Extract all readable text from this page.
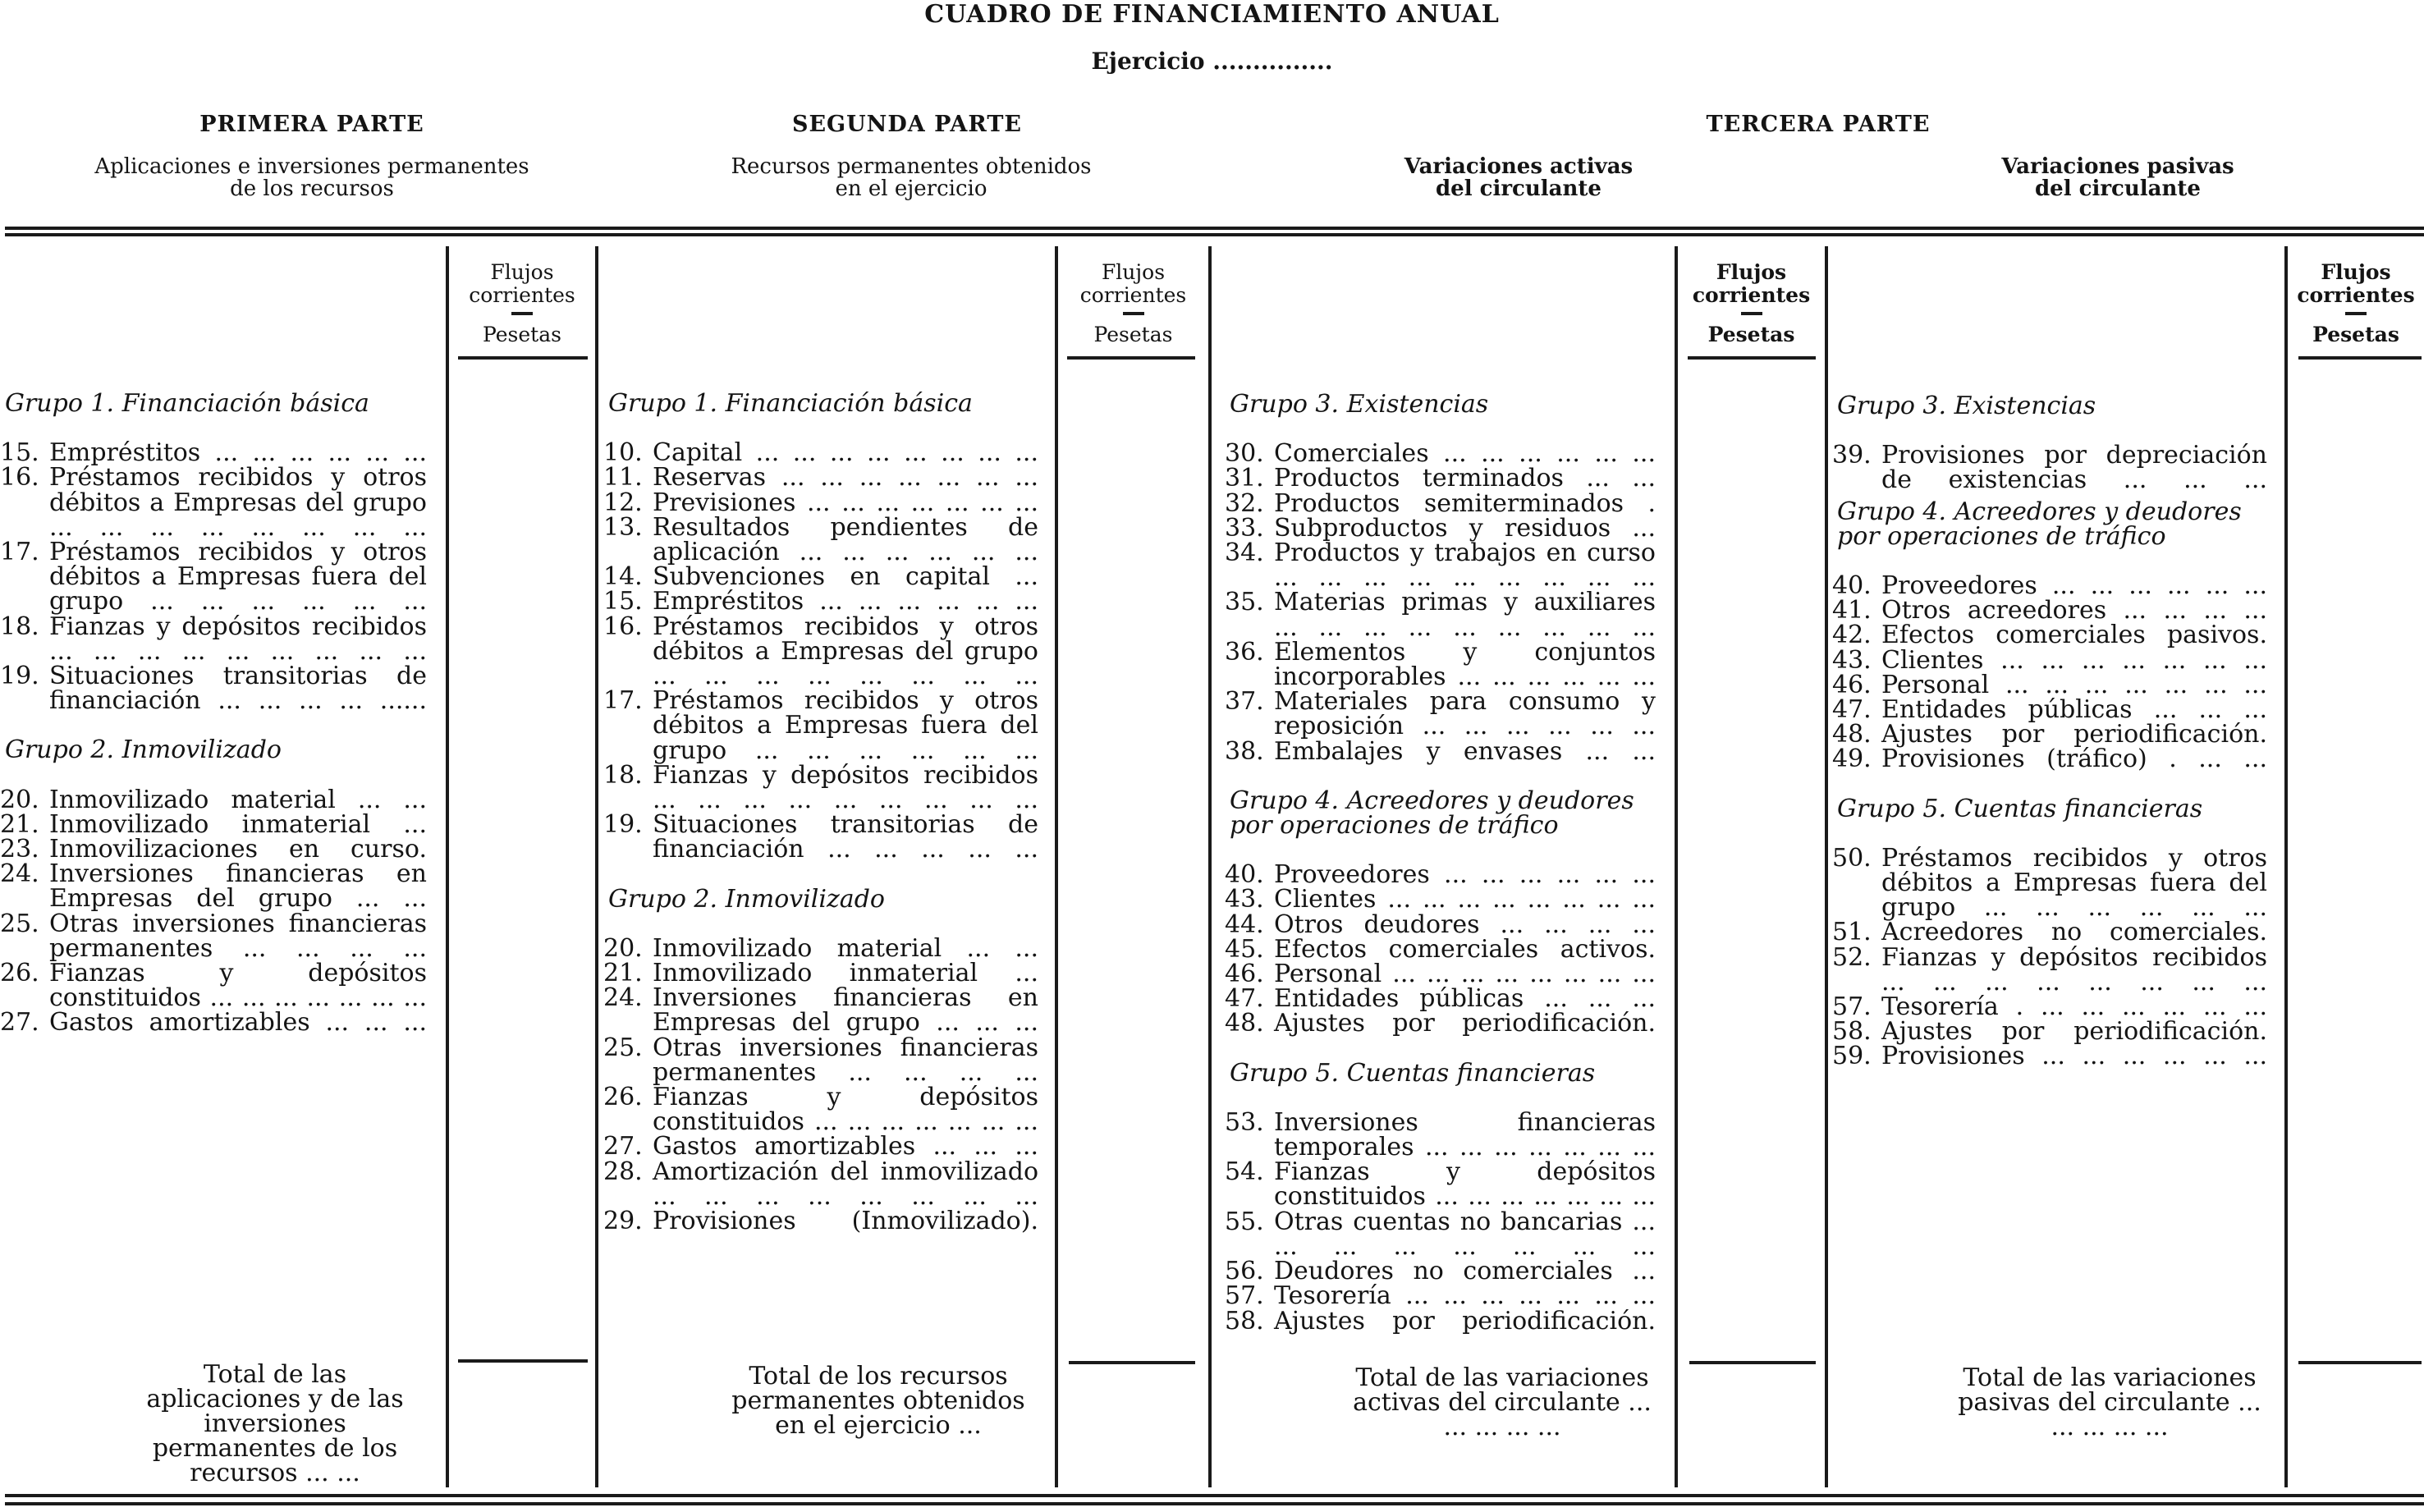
CUADRO DE FINANCIAMIENTO ANUAL
Ejercicio ...............
PRIMERA PARTE
Aplicaciones e inversiones permanentes
de los recursos
SEGUNDA PARTE
Recursos permanentes obtenidos
en el ejercicio
TERCERA PARTE
Variaciones activas
del circulante
Variaciones pasivas
del circulante
Flujos
corrientes
Pesetas
Flujos
corrientes
Pesetas
Flujos
corrientes
Pesetas
Flujos
corrientes
Pesetas
Grupo 1. Financiación básica
15. Empréstitos ... ... ... ... ... ...
16. Préstamos recibidos y otros débitos a Empresas del grupo ... ... ... ... ... ... ... ...
17. Préstamos recibidos y otros débitos a Empresas fuera del grupo ... ... ... ... ... ...
18. Fianzas y depósitos recibidos ... ... ... ... ... ... ... ... ...
19. Situaciones transitorias de financiación ... ... ... ... ......
Grupo 2. Inmovilizado
20. Inmovilizado material ... ...
21. Inmovilizado inmaterial ...
23. Inmovilizaciones en curso.
24. Inversiones financieras en Empresas del grupo ... ...
25. Otras inversiones financieras permanentes ... ... ... ...
26. Fianzas y depósitos constituidos ... ... ... ... ... ... ...
27. Gastos amortizables ... ... ...
Total de las aplicaciones y de las inversiones permanentes de los recursos ... ...
Grupo 1. Financiación básica
10. Capital ... ... ... ... ... ... ... ...
11. Reservas ... ... ... ... ... ... ...
12. Previsiones ... ... ... ... ... ... ...
13. Resultados pendientes de aplicación ... ... ... ... ... ...
14. Subvenciones en capital ...
15. Empréstitos ... ... ... ... ... ...
16. Préstamos recibidos y otros débitos a Empresas del grupo ... ... ... ... ... ... ... ...
17. Préstamos recibidos y otros débitos a Empresas fuera del grupo ... ... ... ... ... ...
18. Fianzas y depósitos recibidos ... ... ... ... ... ... ... ... ...
19. Situaciones transitorias de financiación ... ... ... ... ...
Grupo 2. Inmovilizado
20. Inmovilizado material ... ...
21. Inmovilizado inmaterial ...
24. Inversiones financieras en Empresas del grupo ... ... ...
25. Otras inversiones financieras permanentes ... ... ... ...
26. Fianzas y depósitos constituidos ... ... ... ... ... ... ...
27. Gastos amortizables ... ... ...
28. Amortización del inmovilizado ... ... ... ... ... ... ... ...
29. Provisiones (Inmovilizado).
Total de los recursos permanentes obtenidos en el ejercicio ...
Grupo 3. Existencias
30. Comerciales ... ... ... ... ... ...
31. Productos terminados ... ...
32. Productos semiterminados .
33. Subproductos y residuos ...
34. Productos y trabajos en curso ... ... ... ... ... ... ... ... ...
35. Materias primas y auxiliares ... ... ... ... ... ... ... ... ...
36. Elementos y conjuntos incorporables ... ... ... ... ... ...
37. Materiales para consumo y reposición ... ... ... ... ... ...
38. Embalajes y envases ... ...
Grupo 4. Acreedores y deudores por operaciones de tráfico
40. Proveedores ... ... ... ... ... ...
43. Clientes ... ... ... ... ... ... ... ...
44. Otros deudores ... ... ... ...
45. Efectos comerciales activos.
46. Personal ... ... ... ... ... ... ... ...
47. Entidades públicas ... ... ...
48. Ajustes por periodificación.
Grupo 5. Cuentas financieras
53. Inversiones financieras temporales ... ... ... ... ... ... ...
54. Fianzas y depósitos constituidos ... ... ... ... ... ... ...
55. Otras cuentas no bancarias ... ... ... ... ... ... ... ...
56. Deudores no comerciales ...
57. Tesorería ... ... ... ... ... ... ...
58. Ajustes por periodificación.
Total de las variaciones activas del circulante ... ... ... ... ...
Grupo 3. Existencias
39. Provisiones por depreciación de existencias ... ... ...
Grupo 4. Acreedores y deudores por operaciones de tráfico
40. Proveedores ... ... ... ... ... ...
41. Otros acreedores ... ... ... ...
42. Efectos comerciales pasivos.
43. Clientes ... ... ... ... ... ... ...
46. Personal ... ... ... ... ... ... ...
47. Entidades públicas ... ... ...
48. Ajustes por periodificación.
49. Provisiones (tráfico) . ... ...
Grupo 5. Cuentas financieras
50. Préstamos recibidos y otros débitos a Empresas fuera del grupo ... ... ... ... ... ...
51. Acreedores no comerciales.
52. Fianzas y depósitos recibidos ... ... ... ... ... ... ... ...
57. Tesorería . ... ... ... ... ... ...
58. Ajustes por periodificación.
59. Provisiones ... ... ... ... ... ...
Total de las variaciones pasivas del circulante ... ... ... ... ...
